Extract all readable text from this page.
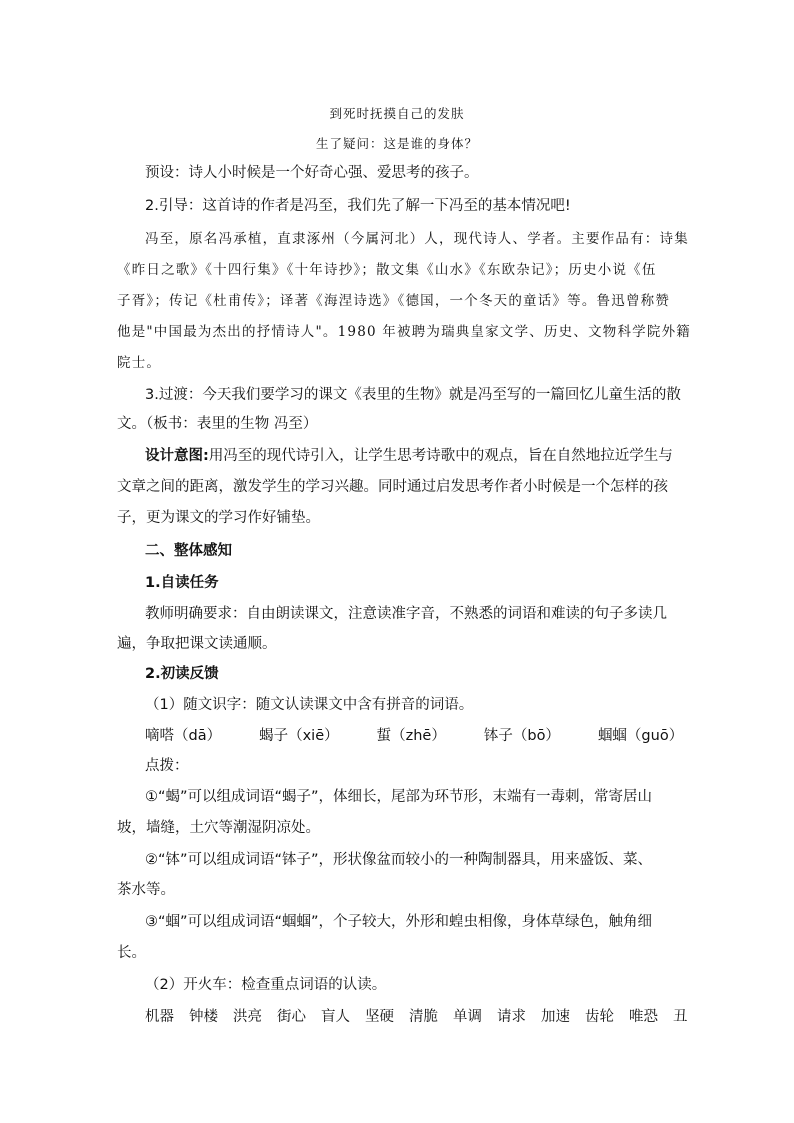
到死时抚摸自己的发肤
生了疑问：这是谁的身体？
预设：诗人小时候是一个好奇心强、爱思考的孩子。
2.引导：这首诗的作者是冯至，我们先了解一下冯至的基本情况吧!
冯至，原名冯承植，直隶涿州（今属河北）人，现代诗人、学者。主要作品有：诗集
《昨日之歌》《十四行集》《十年诗抄》；散文集《山水》《东欧杂记》；历史小说《伍
子胥》；传记《杜甫传》；译著《海涅诗选》《德国，一个冬天的童话》等。鲁迅曾称赞
他是"中国最为杰出的抒情诗人"。1980 年被聘为瑞典皇家文学、历史、文物科学院外籍
院士。
3.过渡：今天我们要学习的课文《表里的生物》就是冯至写的一篇回忆儿童生活的散
文。（板书：表里的生物 冯至）
设计意图:用冯至的现代诗引入，让学生思考诗歌中的观点，旨在自然地拉近学生与
文章之间的距离，激发学生的学习兴趣。同时通过启发思考作者小时候是一个怎样的孩
子，更为课文的学习作好铺垫。
二、整体感知
1.自读任务
教师明确要求：自由朗读课文，注意读准字音，不熟悉的词语和难读的句子多读几
遍，争取把课文读通顺。
2.初读反馈
（1）随文识字：随文认读课文中含有拼音的词语。
嘀嗒（dā）	蝎子（xiē）	蜇（zhē）	钵子（bō）	蝈蝈（guō）
点拨：
①“蝎”可以组成词语“蝎子”，体细长，尾部为环节形，末端有一毒刺，常寄居山
坡，墙缝，土穴等潮湿阴凉处。
②“钵”可以组成词语“钵子”，形状像盆而较小的一种陶制器具，用来盛饭、菜、
茶水等。
③“蝈”可以组成词语“蝈蝈”，个子较大，外形和蝗虫相像，身体草绿色，触角细
长。
（2）开火车：检查重点词语的认读。
机器 钟楼 洪亮 街心 盲人 坚硬 清脆 单调 请求 加速 齿轮 唯恐 丑
